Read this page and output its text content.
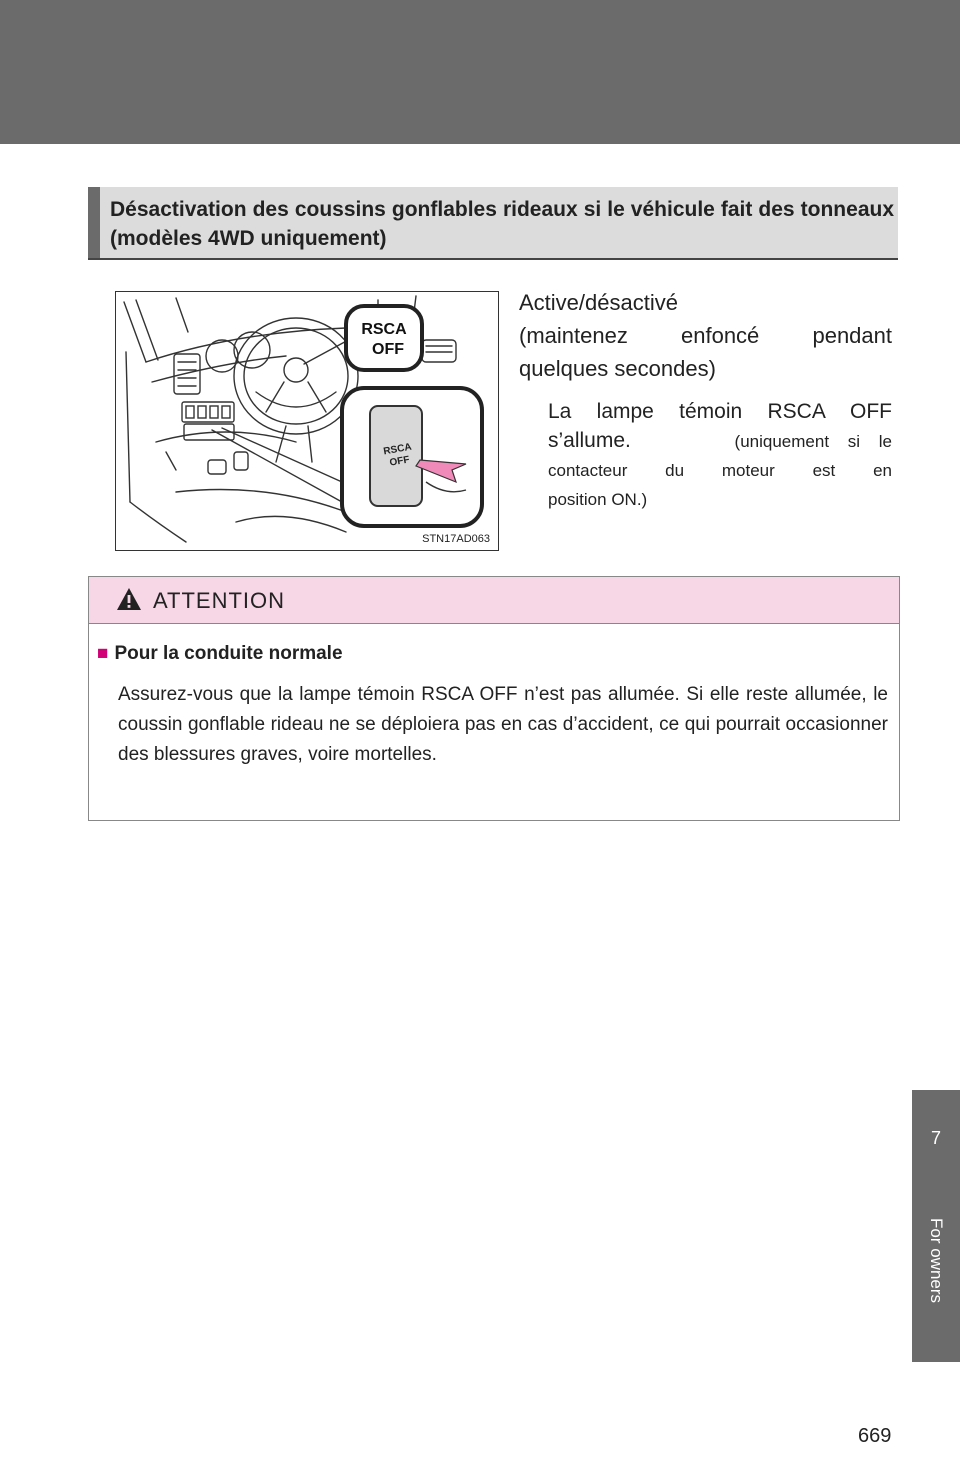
Désactivation des coussins gonflables rideaux si le véhicule fait des tonneaux (modèles 4WD uniquement)
RSCA
OFF
RSCA
OFF
STN17AD063
Active/désactivé
(maintenez enfoncé pendant
quelques secondes)
La lampe témoin RSCA OFF
s’allume.	(uniquement si le
contacteur du moteur est en
position ON.)
ATTENTION
■ Pour la conduite normale
Assurez-vous que la lampe témoin RSCA OFF n’est pas allumée. Si elle reste allumée, le coussin gonflable rideau ne se déploiera pas en cas d’accident, ce qui pourrait occasionner des blessures graves, voire mortelles.
7
For owners
669
